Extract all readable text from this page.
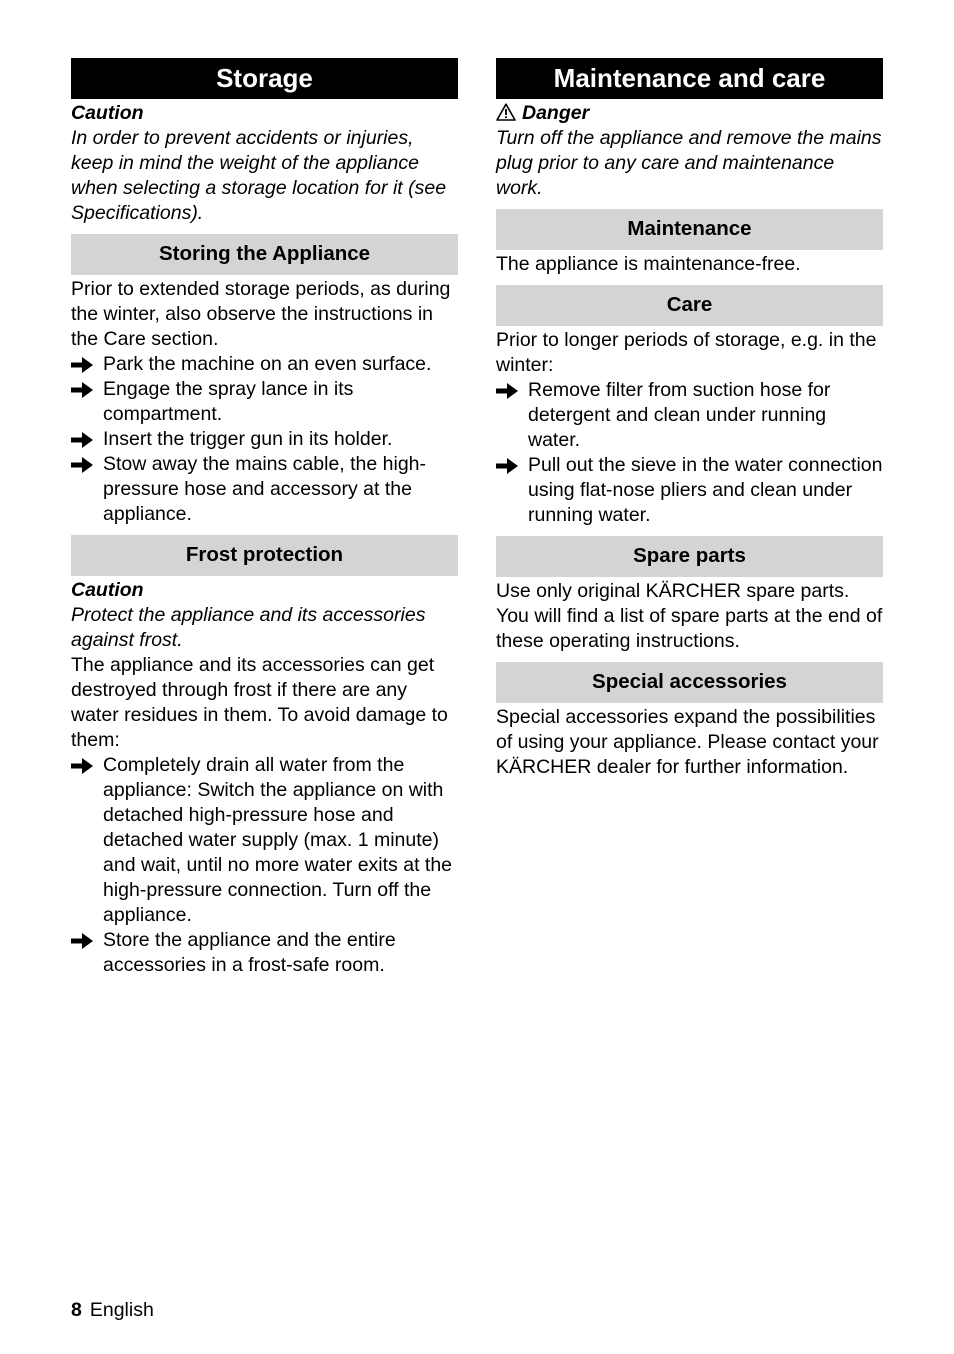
Storage
Caution
In order to prevent accidents or injuries, keep in mind the weight of the appliance when selecting a storage location for it (see Specifications).
Storing the Appliance
Prior to extended storage periods, as during the winter, also observe the instructions in the Care section.
Park the machine on an even surface.
Engage the spray lance in its compartment.
Insert the trigger gun in its holder.
Stow away the mains cable, the high-pressure hose and accessory at the appliance.
Frost protection
Caution
Protect the appliance and its accessories against frost.
The appliance and its accessories can get destroyed through frost if there are any water residues in them. To avoid damage to them:
Completely drain all water from the appliance: Switch the appliance on with detached high-pressure hose and detached water supply (max. 1 minute) and wait, until no more water exits at the high-pressure connection. Turn off the appliance.
Store the appliance and the entire accessories in a frost-safe room.
Maintenance and care
Danger
Turn off the appliance and remove the mains plug prior to any care and maintenance work.
Maintenance
The appliance is maintenance-free.
Care
Prior to longer periods of storage, e.g. in the winter:
Remove filter from suction hose for detergent and clean under running water.
Pull out the sieve in the water connection using flat-nose pliers and clean under running water.
Spare parts
Use only original KÄRCHER spare parts. You will find a list of spare parts at the end of these operating instructions.
Special accessories
Special accessories expand the possibilities of using your appliance. Please contact your KÄRCHER dealer for further information.
8 English
